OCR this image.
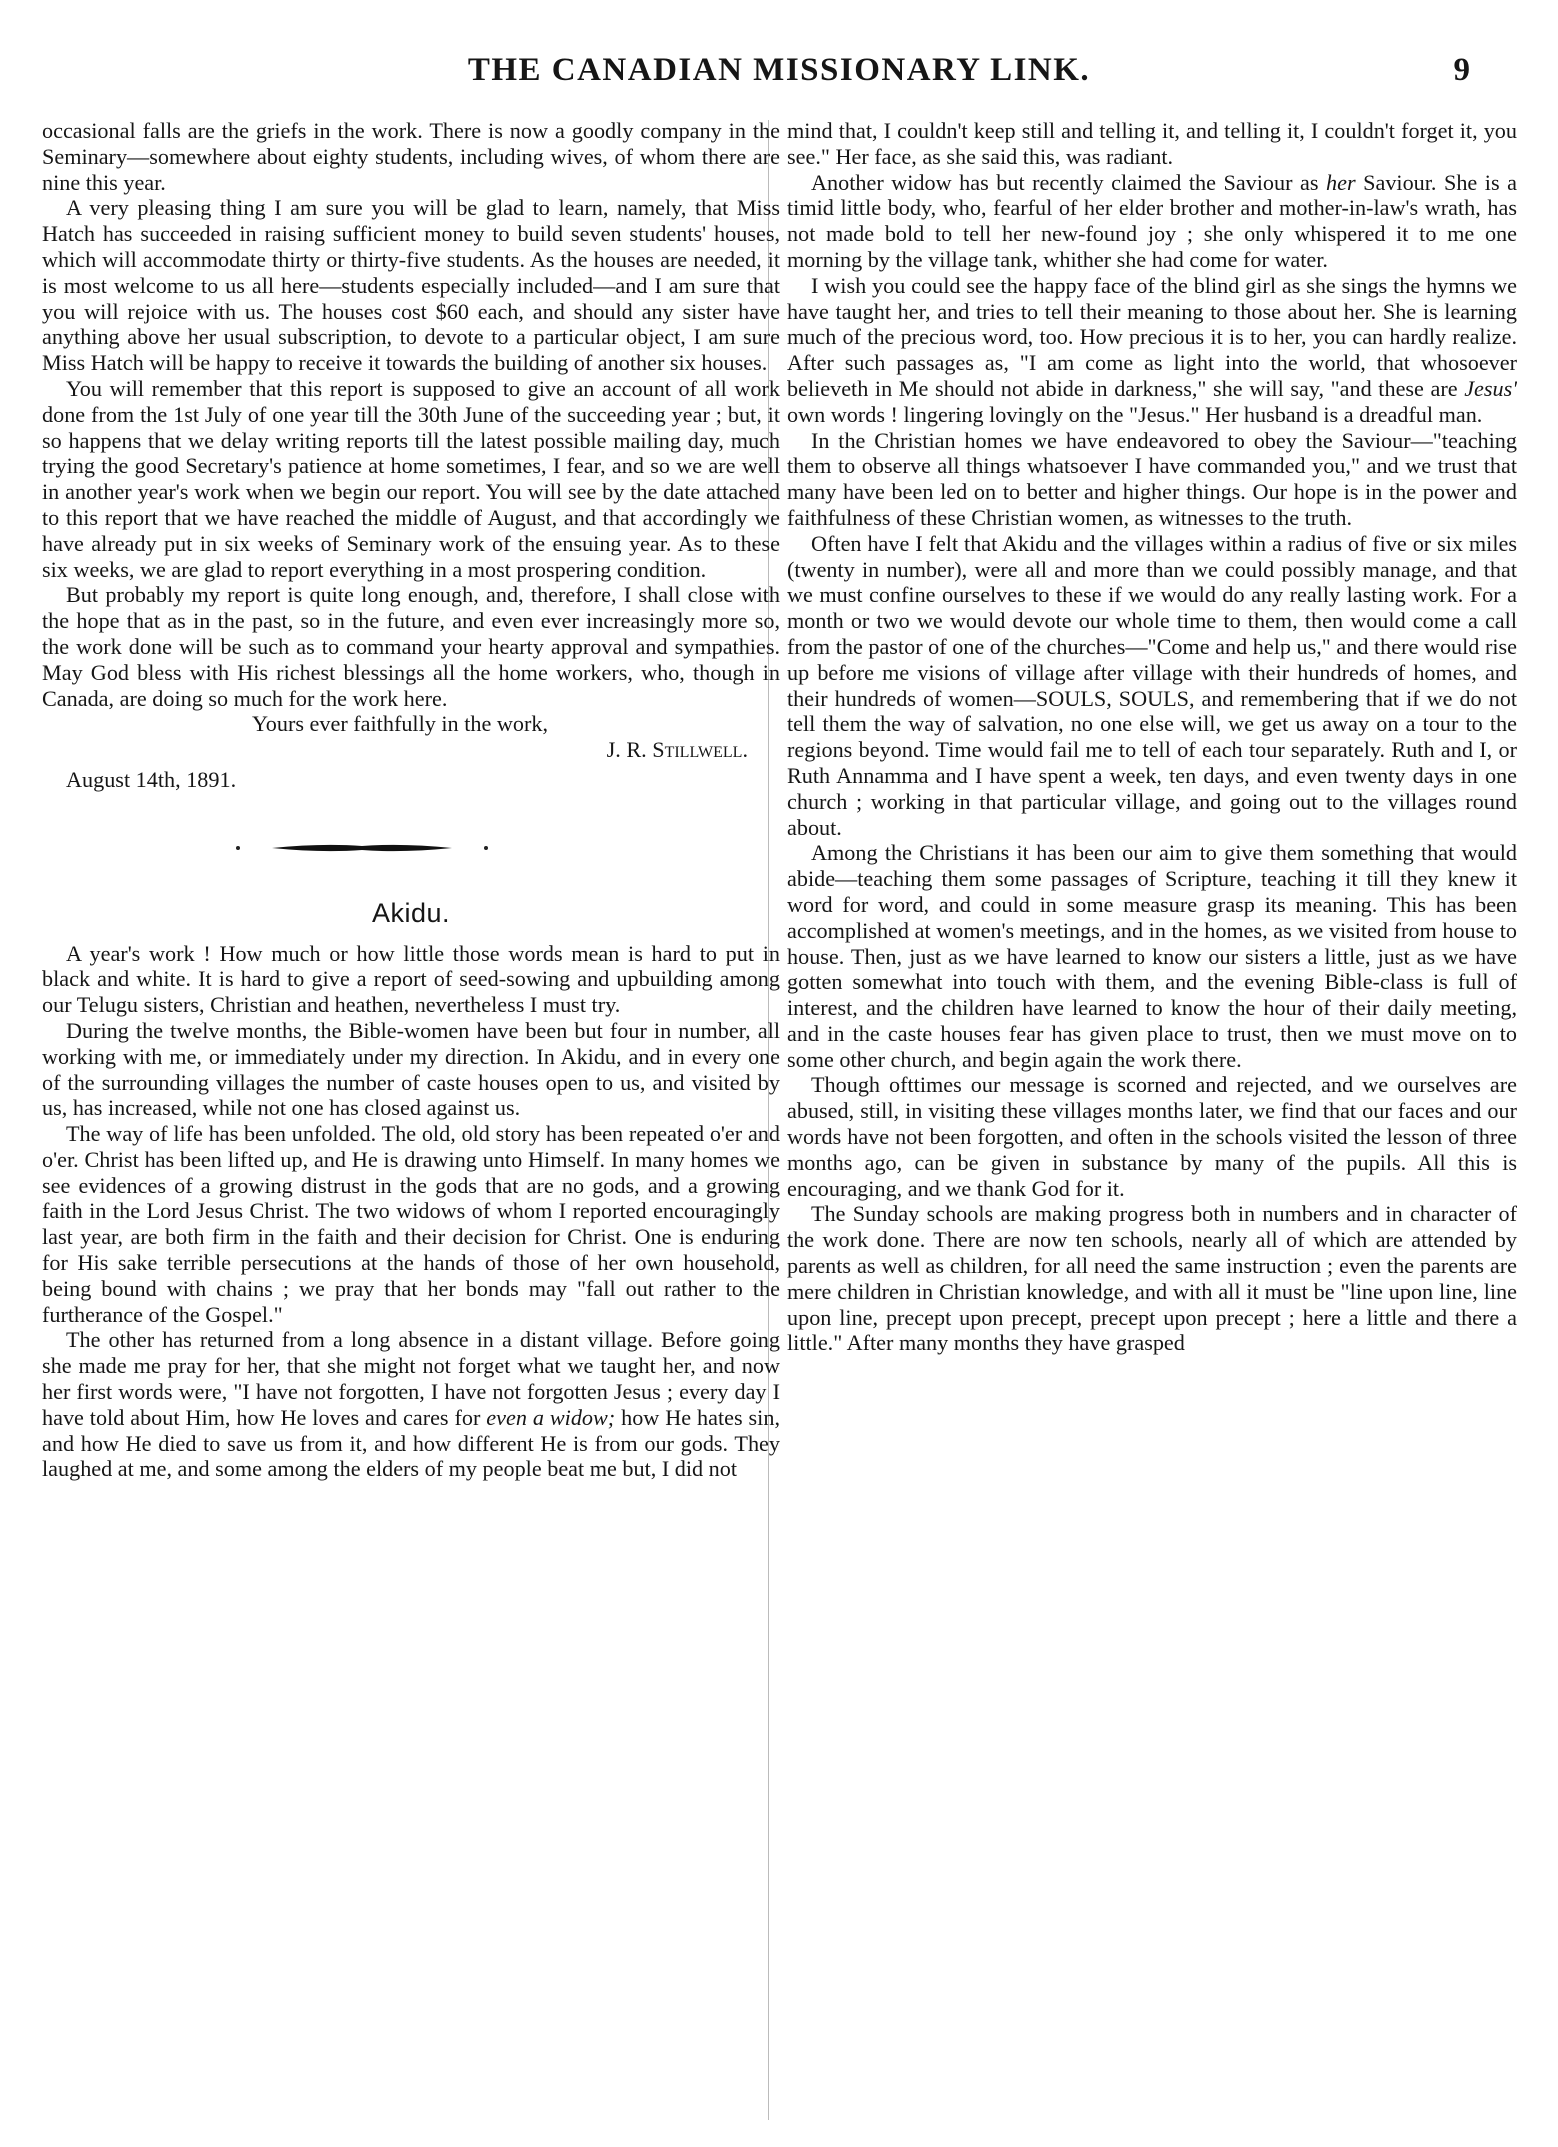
THE CANADIAN MISSIONARY LINK.	9

occasional falls are the griefs in the work. There is now a goodly company in the Seminary—somewhere about eighty students, including wives, of whom there are nine this year.

A very pleasing thing I am sure you will be glad to learn, namely, that Miss Hatch has succeeded in raising sufficient money to build seven students' houses, which will accommodate thirty or thirty-five students. As the houses are needed, it is most welcome to us all here—students especially included—and I am sure that you will rejoice with us. The houses cost $60 each, and should any sister have anything above her usual subscription, to devote to a particular object, I am sure Miss Hatch will be happy to receive it towards the building of another six houses.

You will remember that this report is supposed to give an account of all work done from the 1st July of one year till the 30th June of the succeeding year ; but, it so happens that we delay writing reports till the latest possible mailing day, much trying the good Secretary's patience at home sometimes, I fear, and so we are well in another year's work when we begin our report. You will see by the date attached to this report that we have reached the middle of August, and that accordingly we have already put in six weeks of Seminary work of the ensuing year. As to these six weeks, we are glad to report everything in a most prospering condition.

But probably my report is quite long enough, and, therefore, I shall close with the hope that as in the past, so in the future, and even ever increasingly more so, the work done will be such as to command your hearty approval and sympathies. May God bless with His richest blessings all the home workers, who, though in Canada, are doing so much for the work here.

Yours ever faithfully in the work,
J. R. Stillwell.
August 14th, 1891.

Akidu.

A year's work ! How much or how little those words mean is hard to put in black and white. It is hard to give a report of seed-sowing and upbuilding among our Telugu sisters, Christian and heathen, nevertheless I must try.

During the twelve months, the Bible-women have been but four in number, all working with me, or immediately under my direction. In Akidu, and in every one of the surrounding villages the number of caste houses open to us, and visited by us, has increased, while not one has closed against us.

The way of life has been unfolded. The old, old story has been repeated o'er and o'er. Christ has been lifted up, and He is drawing unto Himself. In many homes we see evidences of a growing distrust in the gods that are no gods, and a growing faith in the Lord Jesus Christ. The two widows of whom I reported encouragingly last year, are both firm in the faith and their decision for Christ. One is enduring for His sake terrible persecutions at the hands of those of her own household, being bound with chains ; we pray that her bonds may "fall out rather to the furtherance of the Gospel."

The other has returned from a long absence in a distant village. Before going she made me pray for her, that she might not forget what we taught her, and now her first words were, "I have not forgotten, I have not forgotten Jesus ; every day I have told about Him, how He loves and cares for even a widow; how He hates sin, and how He died to save us from it, and how different He is from our gods. They laughed at me, and some among the elders of my people beat me but, I did not

mind that, I couldn't keep still and telling it, and telling it, I couldn't forget it, you see." Her face, as she said this, was radiant.

Another widow has but recently claimed the Saviour as her Saviour. She is a timid little body, who, fearful of her elder brother and mother-in-law's wrath, has not made bold to tell her new-found joy ; she only whispered it to me one morning by the village tank, whither she had come for water.

I wish you could see the happy face of the blind girl as she sings the hymns we have taught her, and tries to tell their meaning to those about her. She is learning much of the precious word, too. How precious it is to her, you can hardly realize. After such passages as, "I am come as light into the world, that whosoever believeth in Me should not abide in darkness," she will say, "and these are Jesus' own words ! lingering lovingly on the "Jesus." Her husband is a dreadful man.

In the Christian homes we have endeavored to obey the Saviour—"teaching them to observe all things whatsoever I have commanded you," and we trust that many have been led on to better and higher things. Our hope is in the power and faithfulness of these Christian women, as witnesses to the truth.

Often have I felt that Akidu and the villages within a radius of five or six miles (twenty in number), were all and more than we could possibly manage, and that we must confine ourselves to these if we would do any really lasting work. For a month or two we would devote our whole time to them, then would come a call from the pastor of one of the churches—"Come and help us," and there would rise up before me visions of village after village with their hundreds of homes, and their hundreds of women—SOULS, SOULS, and remembering that if we do not tell them the way of salvation, no one else will, we get us away on a tour to the regions beyond. Time would fail me to tell of each tour separately. Ruth and I, or Ruth Annamma and I have spent a week, ten days, and even twenty days in one church ; working in that particular village, and going out to the villages round about.

Among the Christians it has been our aim to give them something that would abide—teaching them some passages of Scripture, teaching it till they knew it word for word, and could in some measure grasp its meaning. This has been accomplished at women's meetings, and in the homes, as we visited from house to house. Then, just as we have learned to know our sisters a little, just as we have gotten somewhat into touch with them, and the evening Bible-class is full of interest, and the children have learned to know the hour of their daily meeting, and in the caste houses fear has given place to trust, then we must move on to some other church, and begin again the work there.

Though ofttimes our message is scorned and rejected, and we ourselves are abused, still, in visiting these villages months later, we find that our faces and our words have not been forgotten, and often in the schools visited the lesson of three months ago, can be given in substance by many of the pupils. All this is encouraging, and we thank God for it.

The Sunday schools are making progress both in numbers and in character of the work done. There are now ten schools, nearly all of which are attended by parents as well as children, for all need the same instruction ; even the parents are mere children in Christian knowledge, and with all it must be "line upon line, line upon line, precept upon precept, precept upon precept ; here a little and there a little." After many months they have grasped
